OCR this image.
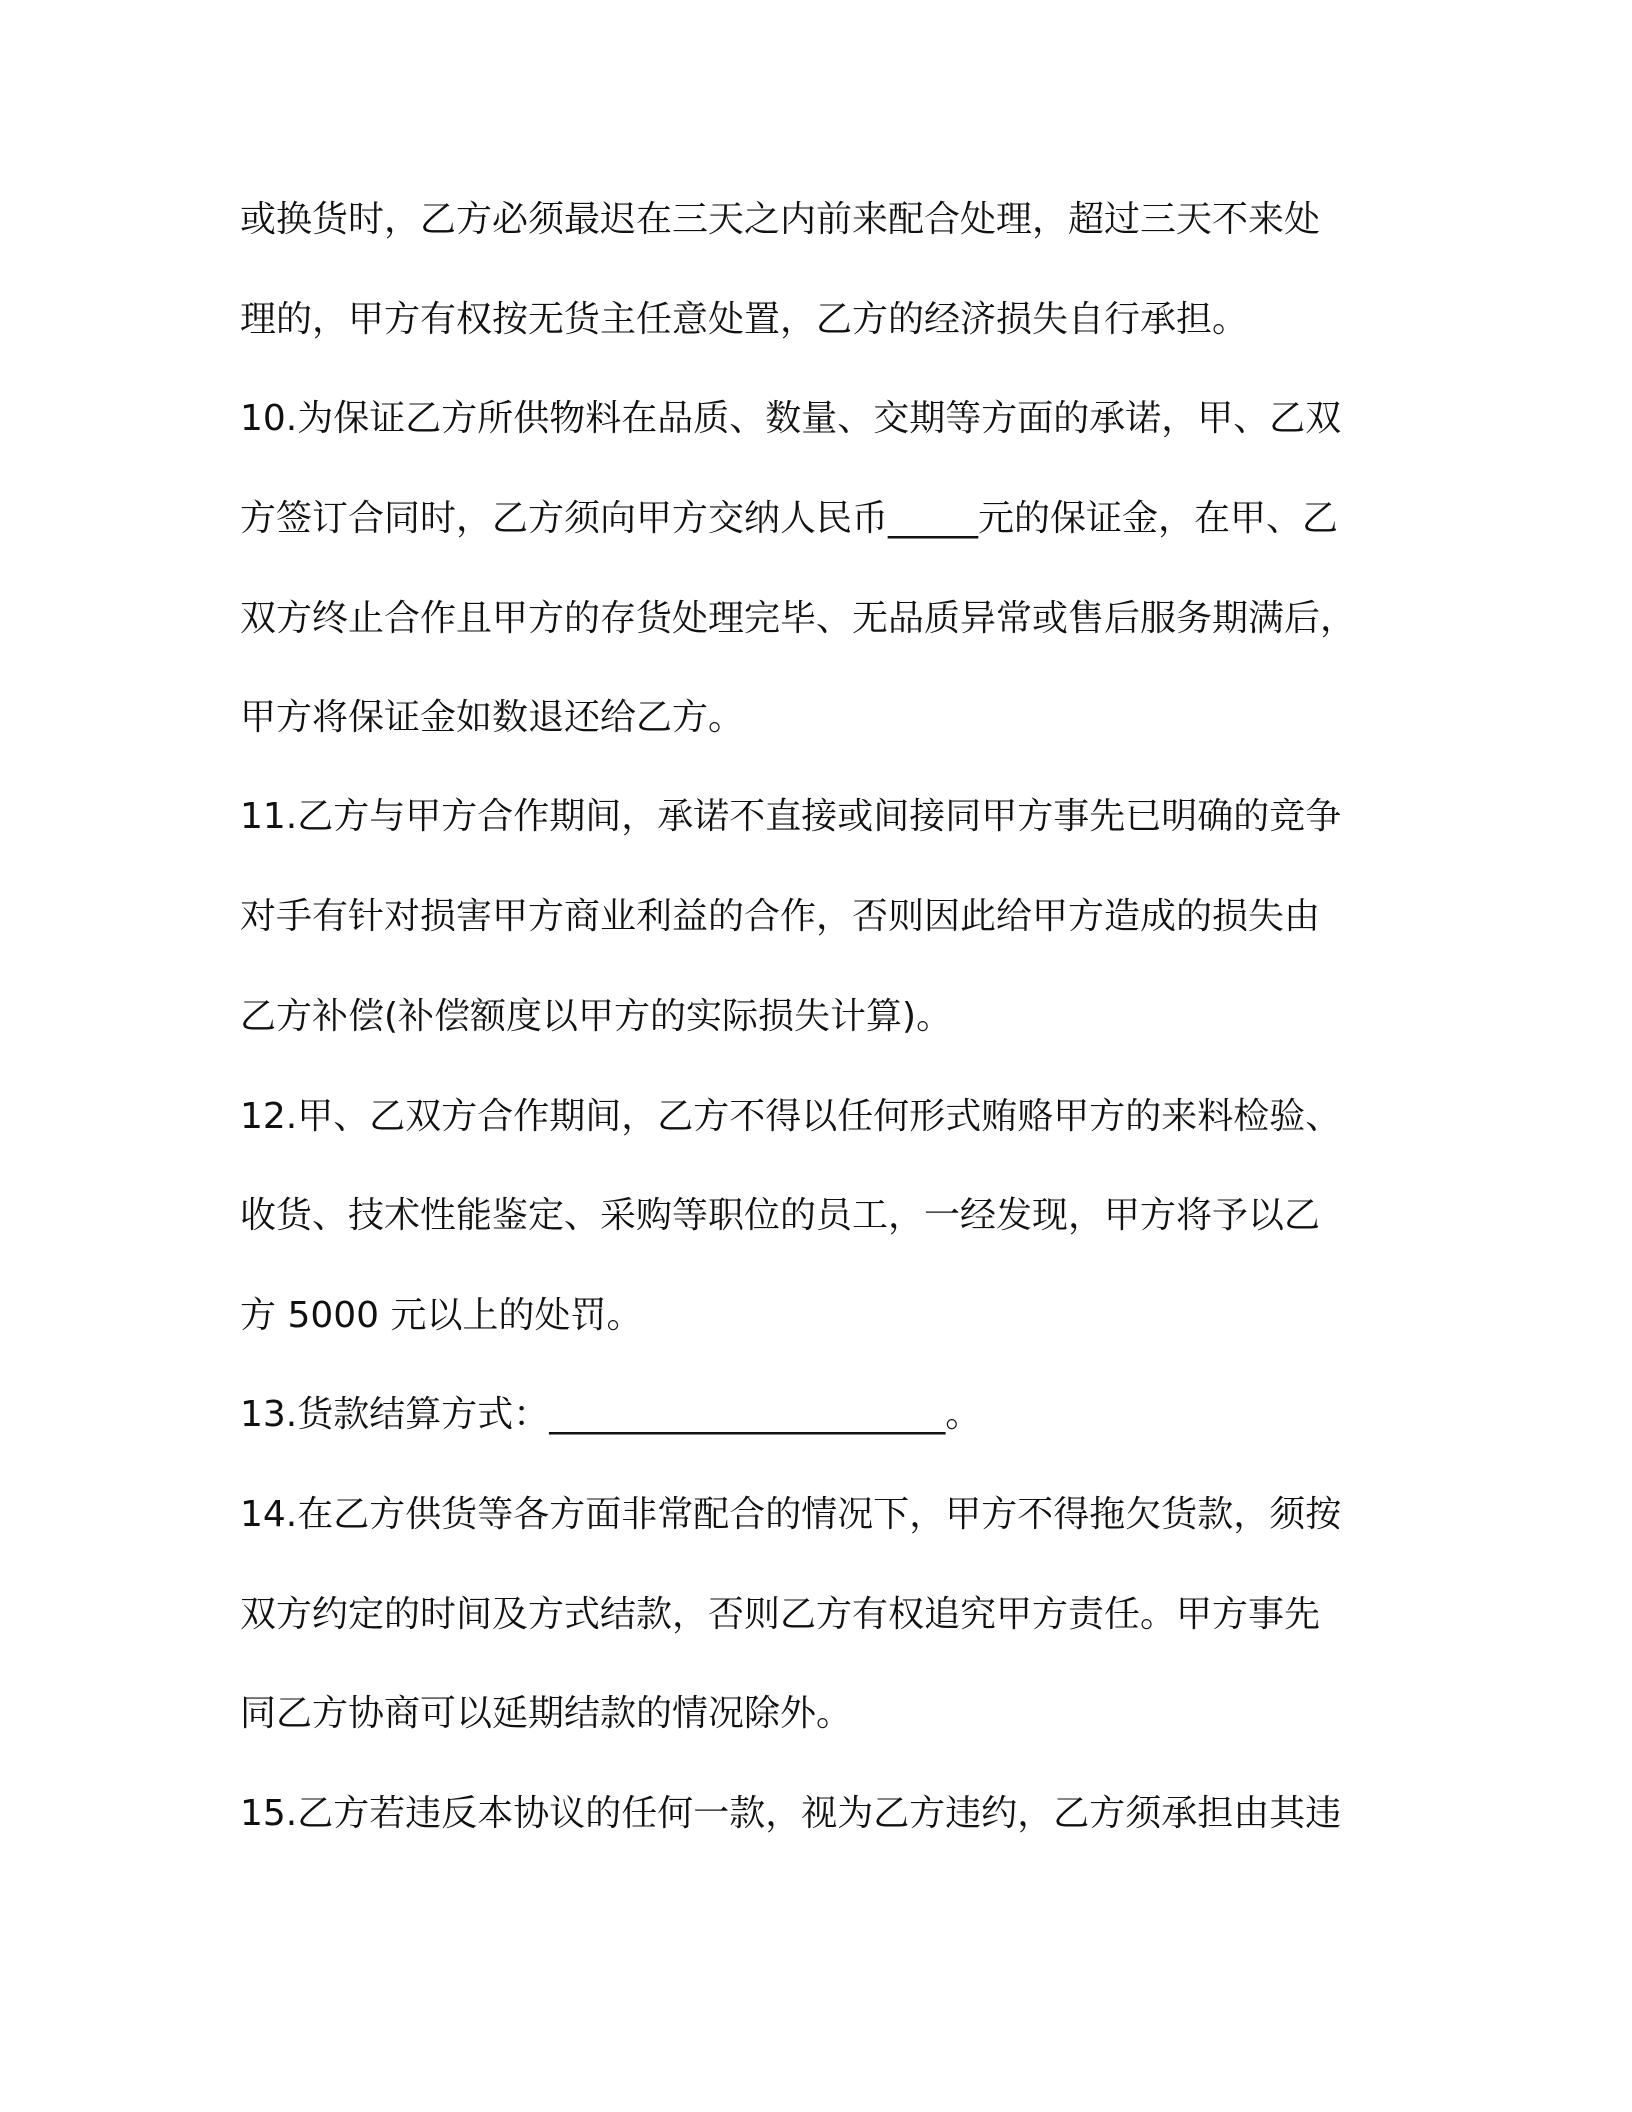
或换货时，乙方必须最迟在三天之内前来配合处理，超过三天不来处

理的，甲方有权按无货主任意处置，乙方的经济损失自行承担。

10.为保证乙方所供物料在品质、数量、交期等方面的承诺，甲、乙双

方签订合同时，乙方须向甲方交纳人民币_____元的保证金，在甲、乙

双方终止合作且甲方的存货处理完毕、无品质异常或售后服务期满后，

甲方将保证金如数退还给乙方。

11.乙方与甲方合作期间，承诺不直接或间接同甲方事先已明确的竞争

对手有针对损害甲方商业利益的合作，否则因此给甲方造成的损失由

乙方补偿(补偿额度以甲方的实际损失计算)。

12.甲、乙双方合作期间，乙方不得以任何形式贿赂甲方的来料检验、

收货、技术性能鉴定、采购等职位的员工，一经发现，甲方将予以乙

方 5000 元以上的处罚。

13.货款结算方式：______________________。

14.在乙方供货等各方面非常配合的情况下，甲方不得拖欠货款，须按

双方约定的时间及方式结款，否则乙方有权追究甲方责任。甲方事先

同乙方协商可以延期结款的情况除外。

15.乙方若违反本协议的任何一款，视为乙方违约，乙方须承担由其违
